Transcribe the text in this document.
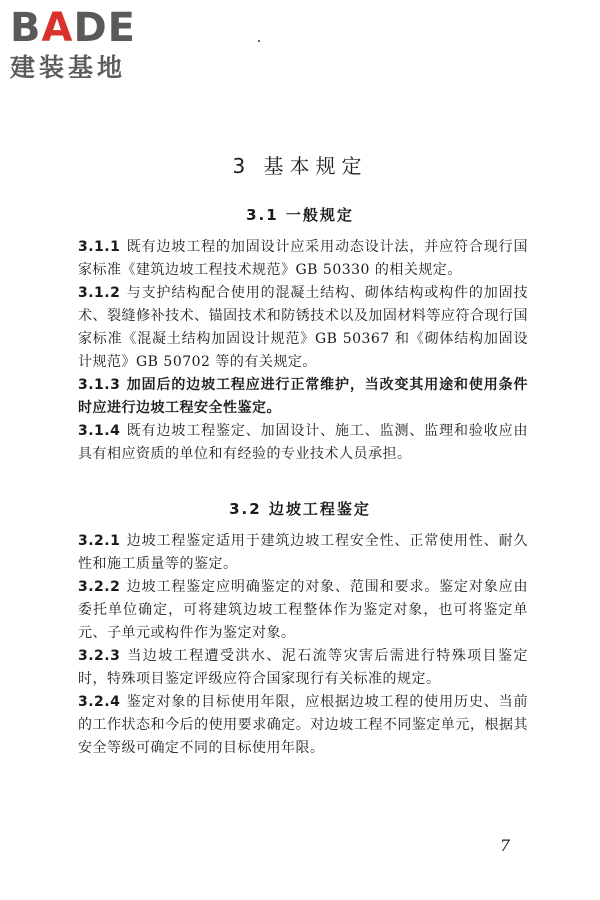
BADE
建装基地
3 基本规定
3.1 一般规定

3.1.1 既有边坡工程的加固设计应采用动态设计法，并应符合现行国家标准《建筑边坡工程技术规范》GB 50330 的相关规定。

3.1.2 与支护结构配合使用的混凝土结构、砌体结构或构件的加固技术、裂缝修补技术、锚固技术和防锈技术以及加固材料等应符合现行国家标准《混凝土结构加固设计规范》GB 50367 和《砌体结构加固设计规范》GB 50702 等的有关规定。

3.1.3 加固后的边坡工程应进行正常维护，当改变其用途和使用条件时应进行边坡工程安全性鉴定。

3.1.4 既有边坡工程鉴定、加固设计、施工、监测、监理和验收应由具有相应资质的单位和有经验的专业技术人员承担。

3.2 边坡工程鉴定

3.2.1 边坡工程鉴定适用于建筑边坡工程安全性、正常使用性、耐久性和施工质量等的鉴定。

3.2.2 边坡工程鉴定应明确鉴定的对象、范围和要求。鉴定对象应由委托单位确定，可将建筑边坡工程整体作为鉴定对象，也可将鉴定单元、子单元或构件作为鉴定对象。

3.2.3 当边坡工程遭受洪水、泥石流等灾害后需进行特殊项目鉴定时，特殊项目鉴定评级应符合国家现行有关标准的规定。

3.2.4 鉴定对象的目标使用年限，应根据边坡工程的使用历史、当前的工作状态和今后的使用要求确定。对边坡工程不同鉴定单元，根据其安全等级可确定不同的目标使用年限。

7
